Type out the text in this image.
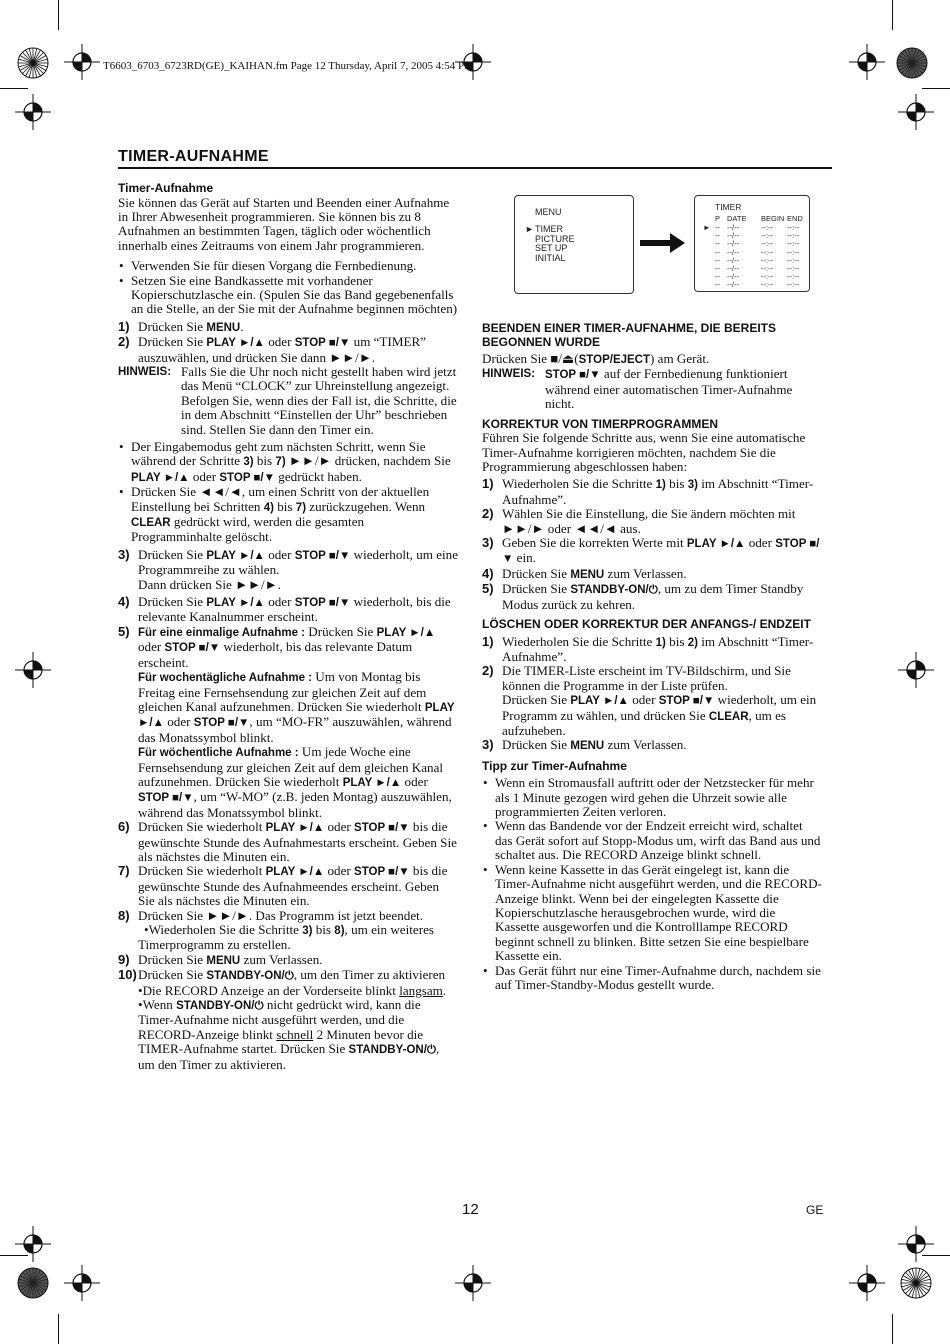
T6603_6703_6723RD(GE)_KAIHAN.fm Page 12 Thursday, April 7, 2005 4:54 PM
TIMER-AUFNAHME
Timer-Aufnahme

Sie können das Gerät auf Starten und Beenden einer Aufnahme in Ihrer Abwesenheit programmieren. Sie können bis zu 8 Aufnahmen an bestimmten Tagen, täglich oder wöchentlich innerhalb eines Zeitraums von einem Jahr programmieren.

• Verwenden Sie für diesen Vorgang die Fernbedienung.
• Setzen Sie eine Bandkassette mit vorhandener Kopierschutzlasche ein. (Spulen Sie das Band gegebenenfalls an die Stelle, an der Sie mit der Aufnahme beginnen möchten)
1) Drücken Sie MENU.
2) Drücken Sie PLAY ►/▲ oder STOP ■/▼ um “TIMER” auszuwählen, und drücken Sie dann ►►/►.
HINWEIS: Falls Sie die Uhr noch nicht gestellt haben wird jetzt das Menü “CLOCK” zur Uhreinstellung angezeigt. Befolgen Sie, wenn dies der Fall ist, die Schritte, die in dem Abschnitt “Einstellen der Uhr” beschrieben sind. Stellen Sie dann den Timer ein.
• Der Eingabemodus geht zum nächsten Schritt, wenn Sie während der Schritte 3) bis 7) ►►/► drücken, nachdem Sie PLAY ►/▲ oder STOP ■/▼ gedrückt haben.
• Drücken Sie ◄◄/◄, um einen Schritt von der aktuellen Einstellung bei Schritten 4) bis 7) zurückzugehen. Wenn CLEAR gedrückt wird, werden die gesamten Programminhalte gelöscht.
3) Drücken Sie PLAY ►/▲ oder STOP ■/▼ wiederholt, um eine Programmreihe zu wählen.
Dann drücken Sie ►►/►.
4) Drücken Sie PLAY ►/▲ oder STOP ■/▼ wiederholt, bis die relevante Kanalnummer erscheint.
5) Für eine einmalige Aufnahme : Drücken Sie PLAY ►/▲ oder STOP ■/▼ wiederholt, bis das relevante Datum erscheint.
Für wochentägliche Aufnahme : Um von Montag bis Freitag eine Fernsehsendung zur gleichen Zeit auf dem gleichen Kanal aufzunehmen. Drücken Sie wiederholt PLAY ►/▲ oder STOP ■/▼, um “MO-FR” auszuwählen, während das Monatssymbol blinkt.
Für wöchentliche Aufnahme : Um jede Woche eine Fernsehsendung zur gleichen Zeit auf dem gleichen Kanal aufzunehmen. Drücken Sie wiederholt PLAY ►/▲ oder STOP ■/▼, um “W-MO” (z.B. jeden Montag) auszuwählen, während das Monatssymbol blinkt.
6) Drücken Sie wiederholt PLAY ►/▲ oder STOP ■/▼ bis die gewünschte Stunde des Aufnahmestarts erscheint. Geben Sie als nächstes die Minuten ein.
7) Drücken Sie wiederholt PLAY ►/▲ oder STOP ■/▼ bis die gewünschte Stunde des Aufnahmeendes erscheint. Geben Sie als nächstes die Minuten ein.
8) Drücken Sie ►►/►. Das Programm ist jetzt beendet.
•Wiederholen Sie die Schritte 3) bis 8), um ein weiteres Timerprogramm zu erstellen.
9) Drücken Sie MENU zum Verlassen.
10) Drücken Sie STANDBY-ON/⏻, um den Timer zu aktivieren
•Die RECORD Anzeige an der Vorderseite blinkt langsam.
•Wenn STANDBY-ON/⏻ nicht gedrückt wird, kann die Timer-Aufnahme nicht ausgeführt werden, und die RECORD-Anzeige blinkt schnell 2 Minuten bevor die TIMER-Aufnahme startet. Drücken Sie STANDBY-ON/⏻, um den Timer zu aktivieren.
MENU
► TIMER
PICTURE
SET UP
INITIAL
TIMER
P DATE	BEGIN END
► -- --/--	--:--	--:--
-- --/--	--:--	--:--
-- --/--	--:--	--:--
-- --/--	--:--	--:--
-- --/--	--:--	--:--
-- --/--	--:--	--:--
-- --/--	--:--	--:--
-- --/--	--:--	--:--
BEENDEN EINER TIMER-AUFNAHME, DIE BEREITS BEGONNEN WURDE

Drücken Sie ■/⏏(STOP/EJECT) am Gerät.

HINWEIS: STOP ■/▼ auf der Fernbedienung funktioniert während einer automatischen Timer-Aufnahme nicht.
KORREKTUR VON TIMERPROGRAMMEN

Führen Sie folgende Schritte aus, wenn Sie eine automatische Timer-Aufnahme korrigieren möchten, nachdem Sie die Programmierung abgeschlossen haben:

1) Wiederholen Sie die Schritte 1) bis 3) im Abschnitt “Timer-Aufnahme”.
2) Wählen Sie die Einstellung, die Sie ändern möchten mit ►►/► oder ◄◄/◄ aus.
3) Geben Sie die korrekten Werte mit PLAY ►/▲ oder STOP ■/▼ ein.
4) Drücken Sie MENU zum Verlassen.
5) Drücken Sie STANDBY-ON/⏻, um zu dem Timer Standby Modus zurück zu kehren.
LÖSCHEN ODER KORREKTUR DER ANFANGS-/ ENDZEIT
1) Wiederholen Sie die Schritte 1) bis 2) im Abschnitt “Timer-Aufnahme”.
2) Die TIMER-Liste erscheint im TV-Bildschirm, und Sie können die Programme in der Liste prüfen.
Drücken Sie PLAY ►/▲ oder STOP ■/▼ wiederholt, um ein Programm zu wählen, und drücken Sie CLEAR, um es aufzuheben.
3) Drücken Sie MENU zum Verlassen.
Tipp zur Timer-Aufnahme
• Wenn ein Stromausfall auftritt oder der Netzstecker für mehr als 1 Minute gezogen wird gehen die Uhrzeit sowie alle programmierten Zeiten verloren.
• Wenn das Bandende vor der Endzeit erreicht wird, schaltet das Gerät sofort auf Stopp-Modus um, wirft das Band aus und schaltet aus. Die RECORD Anzeige blinkt schnell.
• Wenn keine Kassette in das Gerät eingelegt ist, kann die Timer-Aufnahme nicht ausgeführt werden, und die RECORD-Anzeige blinkt. Wenn bei der eingelegten Kassette die Kopierschutzlasche herausgebrochen wurde, wird die Kassette ausgeworfen und die Kontrolllampe RECORD beginnt schnell zu blinken. Bitte setzen Sie eine bespielbare Kassette ein.
• Das Gerät führt nur eine Timer-Aufnahme durch, nachdem sie auf Timer-Standby-Modus gestellt wurde.
12	GE
